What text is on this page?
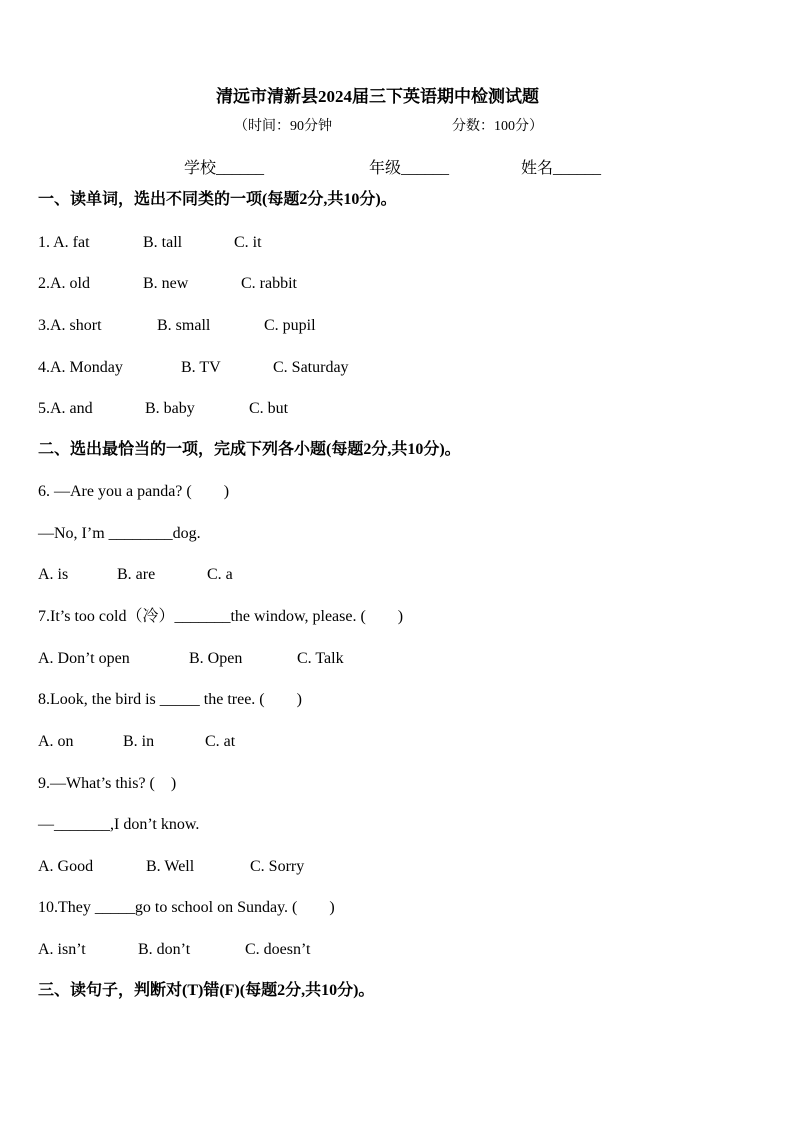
清远市清新县2024届三下英语期中检测试题
（时间：90分钟	分数：100分）
学校______	年级______	姓名______
一、读单词，选出不同类的一项(每题2分,共10分)。
1. A. fat	B. tall	C. it
2.A. old	B. new	C. rabbit
3.A. short	B. small	C. pupil
4.A. Monday	B. TV	C. Saturday
5.A. and	B. baby	C. but
二、选出最恰当的一项，完成下列各小题(每题2分,共10分)。
6. —Are you a panda? (　　)
—No, I’m ________dog.
A. is	B. are	C. a
7.It’s too cold（冷）_______the window, please. (　　)
A. Don’t open	B. Open	C. Talk
8.Look, the bird is _____ the tree. (　　)
A. on	B. in	C. at
9.—What’s this? (　)
—_______,I don’t know.
A. Good	B. Well	C. Sorry
10.They _____go to school on Sunday. (　　)
A. isn’t	B. don’t	C. doesn’t
三、读句子，判断对(T)错(F)(每题2分,共10分)。
